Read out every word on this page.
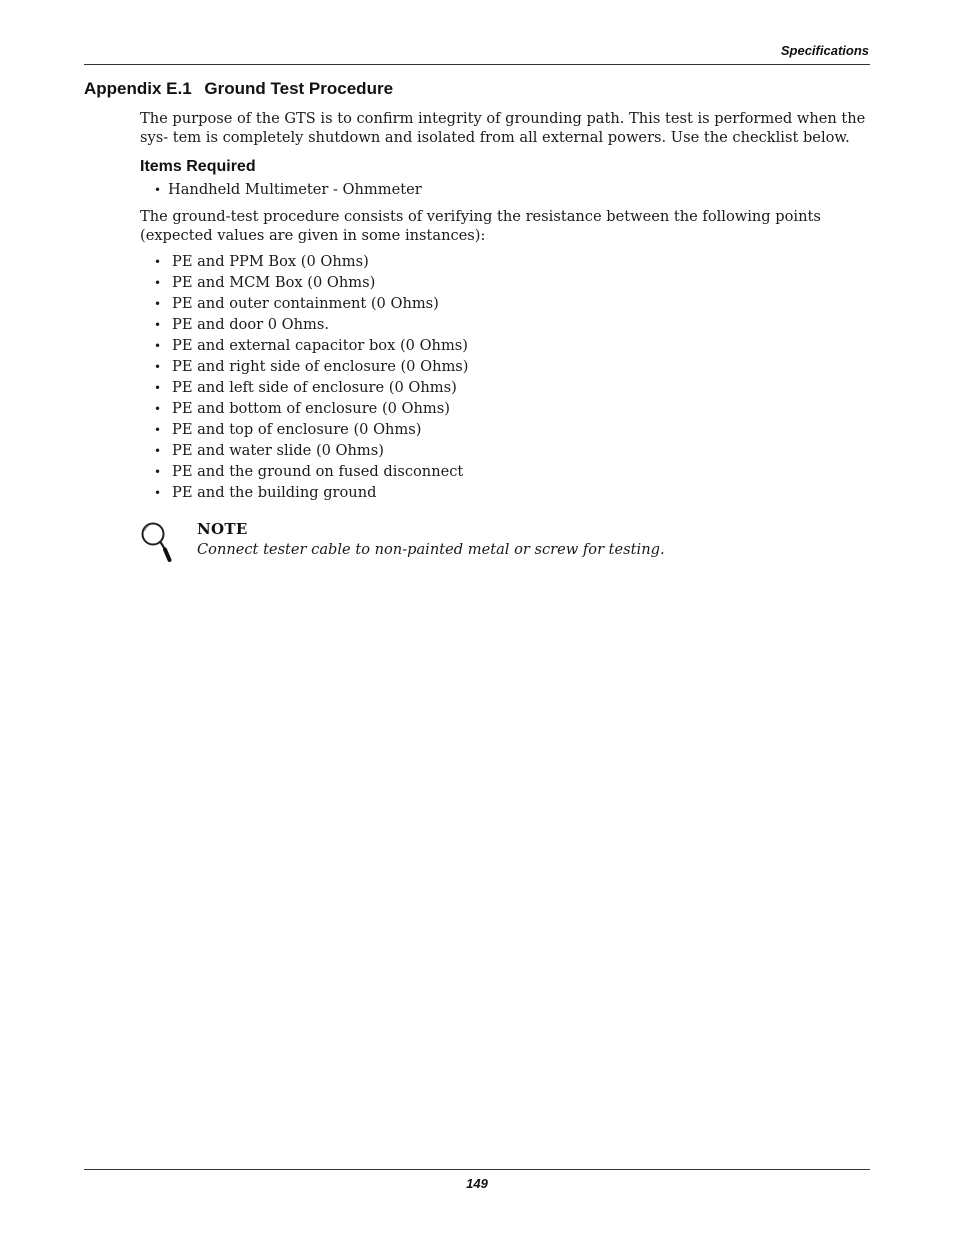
Specifications
Appendix E.1 Ground Test Procedure
The purpose of the GTS is to confirm integrity of grounding path. This test is performed when the sys- tem is completely shutdown and isolated from all external powers. Use the checklist below.
Items Required
• Handheld Multimeter - Ohmmeter
The ground-test procedure consists of verifying the resistance between the following points (expected values are given in some instances):
• PE and PPM Box (0 Ohms)
• PE and MCM Box (0 Ohms)
• PE and outer containment (0 Ohms)
• PE and door 0 Ohms.
• PE and external capacitor box (0 Ohms)
• PE and right side of enclosure (0 Ohms)
• PE and left side of enclosure (0 Ohms)
• PE and bottom of enclosure (0 Ohms)
• PE and top of enclosure (0 Ohms)
• PE and water slide (0 Ohms)
• PE and the ground on fused disconnect
• PE and the building ground
NOTE
Connect tester cable to non-painted metal or screw for testing.
149
